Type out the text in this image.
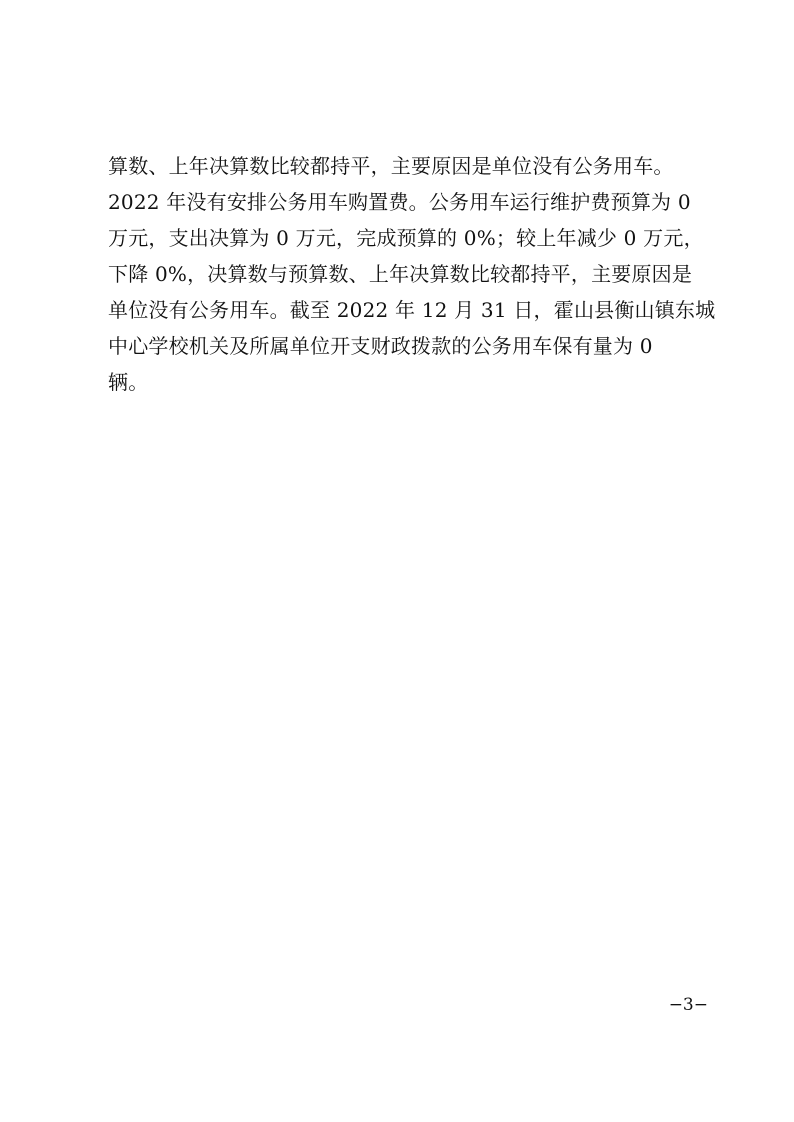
算数、上年决算数比较都持平，主要原因是单位没有公务用车。
2022 年没有安排公务用车购置费。公务用车运行维护费预算为 0
万元，支出决算为 0 万元，完成预算的 0%；较上年减少 0 万元，
下降 0%，决算数与预算数、上年决算数比较都持平，主要原因是
单位没有公务用车。截至 2022 年 12 月 31 日，霍山县衡山镇东城
中心学校机关及所属单位开支财政拨款的公务用车保有量为 0
辆。
−3−
